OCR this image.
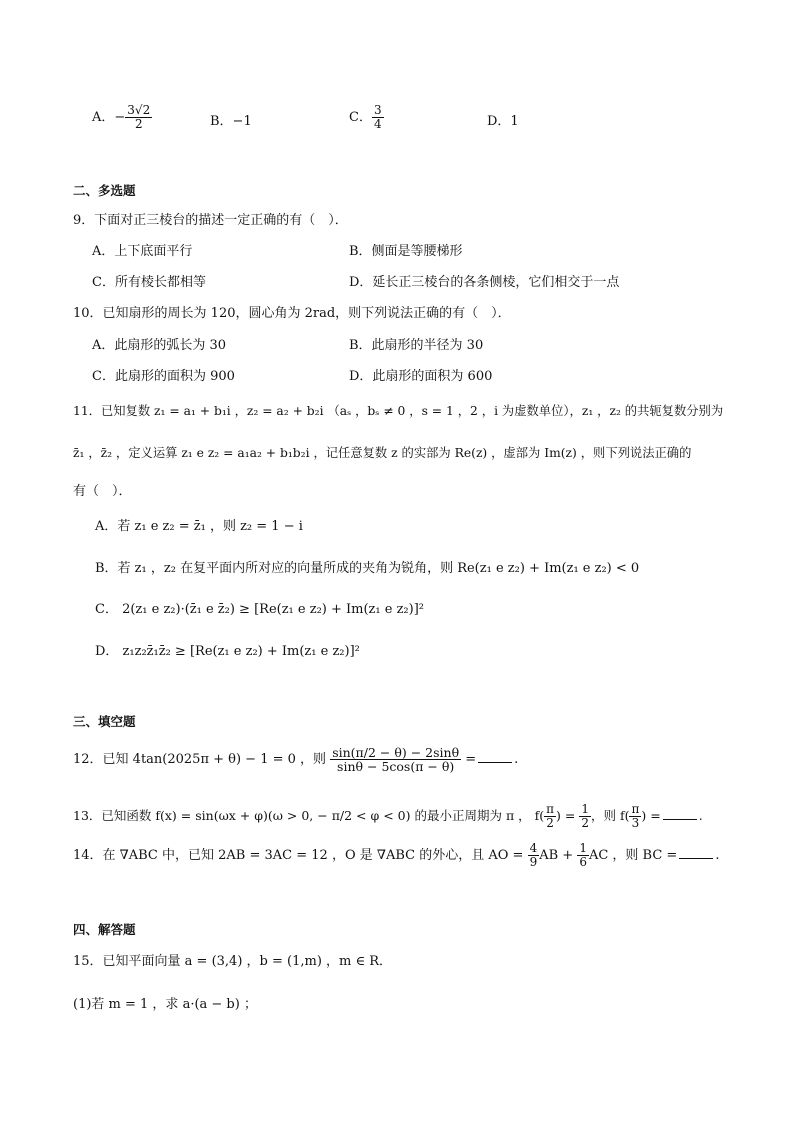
A．− $\frac{3√2}{2}$	B．−1	C． $\frac{3}{4}$	D．1
二、多选题
9．下面对正三棱台的描述一定正确的有（　）．
A．上下底面平行	B．侧面是等腰梯形
C．所有棱长都相等	D．延长正三棱台的各条侧棱，它们相交于一点
10．已知扇形的周长为 120，圆心角为 2rad，则下列说法正确的有（　）．
A．此扇形的弧长为 30	B．此扇形的半径为 30
C．此扇形的面积为 900	D．此扇形的面积为 600
11．已知复数 z₁ = a₁ + b₁i ，z₂ = a₂ + b₂i （aₛ ，bₛ ≠ 0 ，s = 1 ，2 ，i 为虚数单位），z₁ ，z₂ 的共轭复数分别为
z̄₁ ，z̄₂ ，定义运算 z₁ e z₂ = a₁a₂ + b₁b₂i ，记任意复数 z 的实部为 Re(z) ，虚部为 Im(z) ，则下列说法正确的
有（　）．
A．若 z₁ e z₂ = z̄₁ ，则 z₂ = 1 − i
B．若 z₁ ，z₂ 在复平面内所对应的向量所成的夹角为锐角，则 Re(z₁ e z₂) + Im(z₁ e z₂) < 0
C． 2(z₁ e z₂)·(z̄₁ e z̄₂) ≥ [Re(z₁ e z₂) + Im(z₁ e z₂)]²
D． z₁z₂z̄₁z̄₂ ≥ [Re(z₁ e z₂) + Im(z₁ e z₂)]²
三、填空题
12．已知 4tan(2025π + θ) − 1 = 0 ，则 $\frac{\sin(\pi/2 - \theta) - 2\sin\theta}{\sin\theta - 5\cos(\pi - \theta)}$ =	.
13．已知函数 f(x) = sin(ωx + φ)(ω > 0, − π/2 < φ < 0) 的最小正周期为 π ， $f( \frac{\pi}{2}$ ) = $\frac{1}{2}$ ，则 $f( \frac{\pi}{3}$ ) =	.
14．在 ∇ABC 中，已知 2AB = 3AC = 12 ，O 是 ∇ABC 的外心，且 AO = $\frac{4}{9}$ AB + $\frac{1}{6}$ AC ，则 BC =	.
四、解答题
15．已知平面向量 a = (3,4) ，b = (1,m) ，m ∈ R．
(1)若 m = 1 ，求 a·(a − b) ；
